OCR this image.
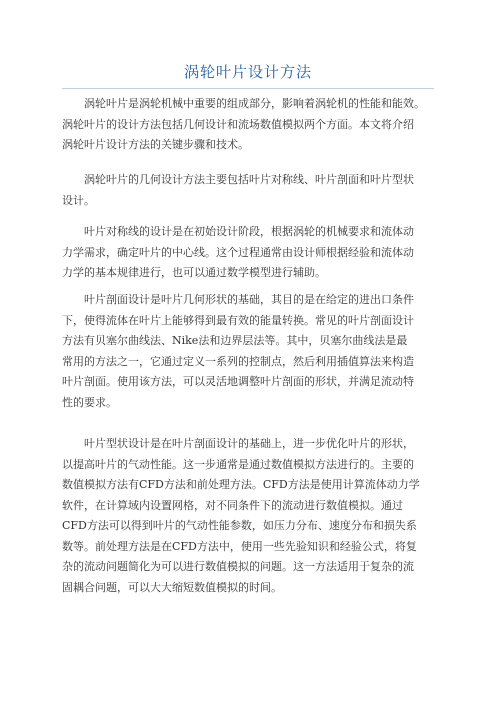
涡轮叶片设计方法
涡轮叶片是涡轮机械中重要的组成部分，影响着涡轮机的性能和能效。
涡轮叶片的设计方法包括几何设计和流场数值模拟两个方面。本文将介绍
涡轮叶片设计方法的关键步骤和技术。
涡轮叶片的几何设计方法主要包括叶片对称线、叶片剖面和叶片型状
设计。
叶片对称线的设计是在初始设计阶段，根据涡轮的机械要求和流体动
力学需求，确定叶片的中心线。这个过程通常由设计师根据经验和流体动
力学的基本规律进行，也可以通过数学模型进行辅助。
叶片剖面设计是叶片几何形状的基础，其目的是在给定的进出口条件
下，使得流体在叶片上能够得到最有效的能量转换。常见的叶片剖面设计
方法有贝塞尔曲线法、Nike法和边界层法等。其中，贝塞尔曲线法是最
常用的方法之一，它通过定义一系列的控制点，然后利用插值算法来构造
叶片剖面。使用该方法，可以灵活地调整叶片剖面的形状，并满足流动特
性的要求。
叶片型状设计是在叶片剖面设计的基础上，进一步优化叶片的形状，
以提高叶片的气动性能。这一步通常是通过数值模拟方法进行的。主要的
数值模拟方法有CFD方法和前处理方法。CFD方法是使用计算流体动力学
软件，在计算域内设置网格，对不同条件下的流动进行数值模拟。通过
CFD方法可以得到叶片的气动性能参数，如压力分布、速度分布和损失系
数等。前处理方法是在CFD方法中，使用一些先验知识和经验公式，将复
杂的流动问题简化为可以进行数值模拟的问题。这一方法适用于复杂的流
固耦合问题，可以大大缩短数值模拟的时间。
